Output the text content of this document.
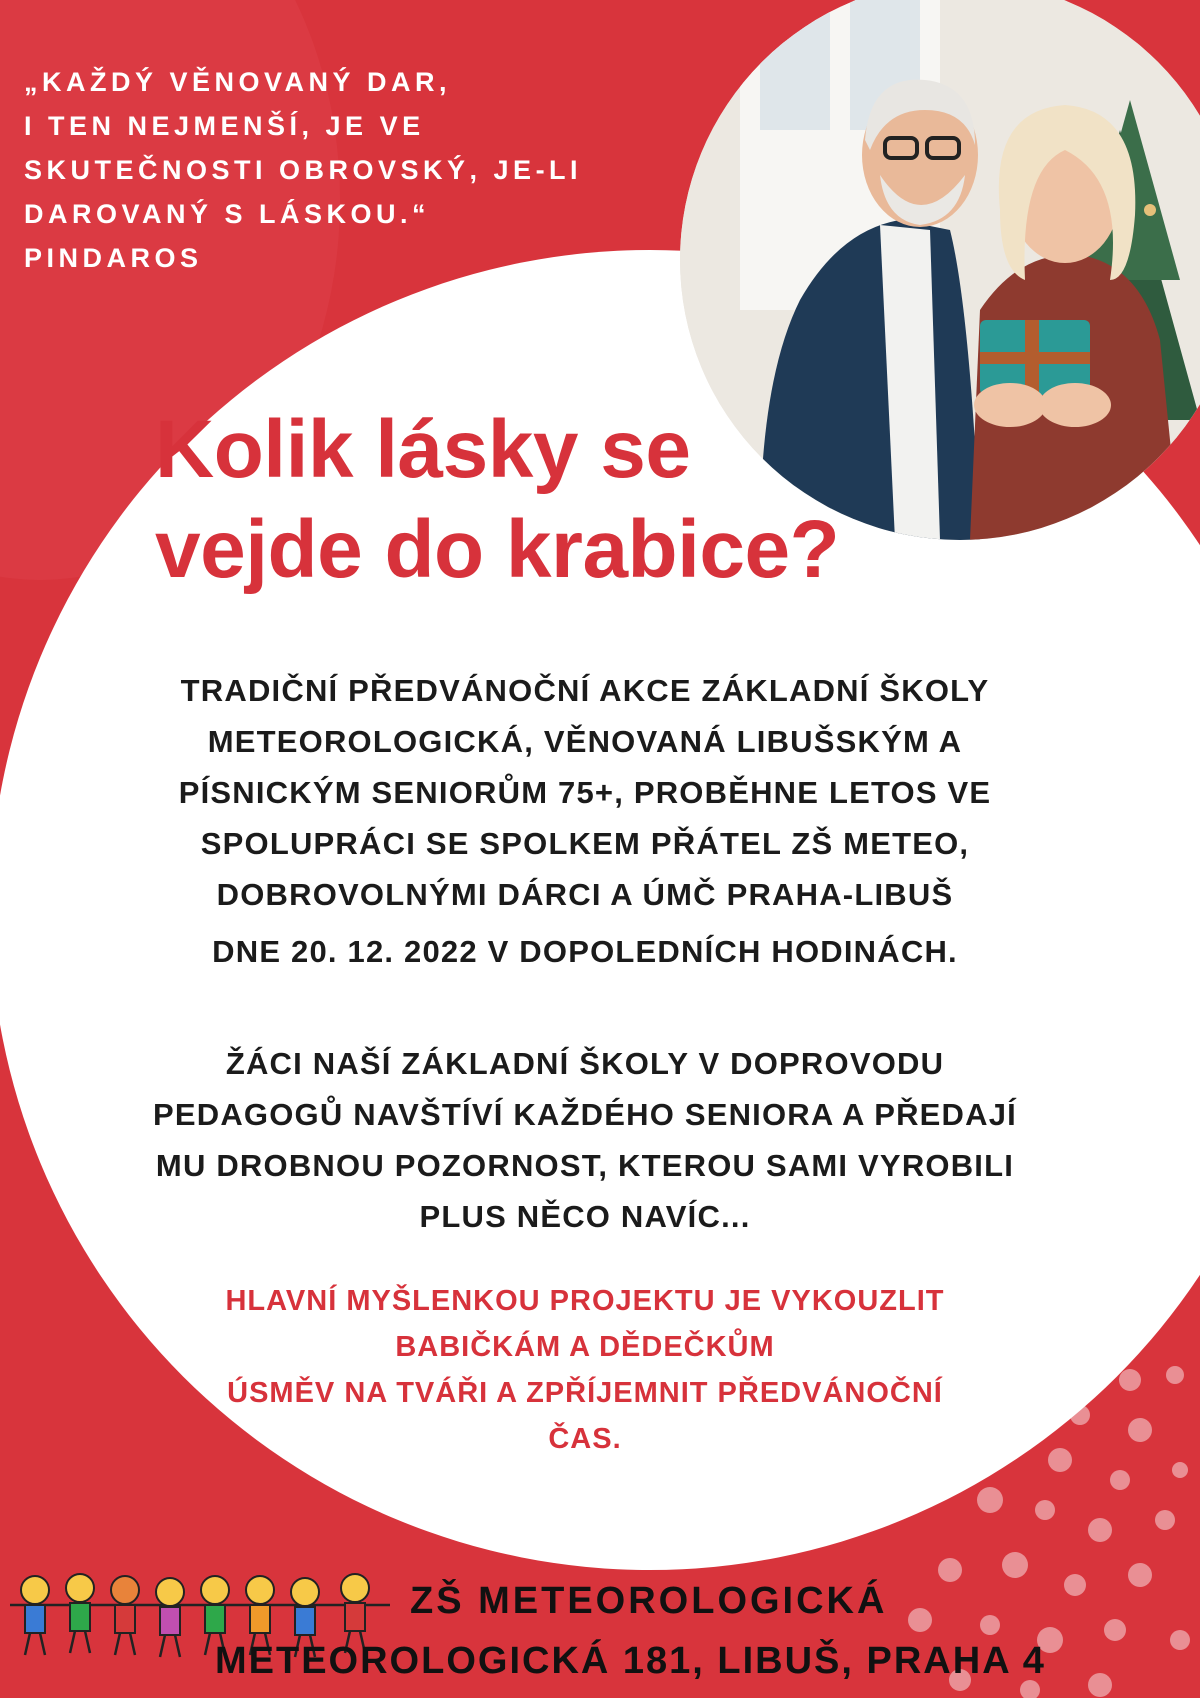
„KAŽDÝ VĚNOVANÝ DAR,
I TEN NEJMENŠÍ, JE VE
SKUTEČNOSTI OBROVSKÝ, JE-LI
DAROVANÝ S LÁSKOU.“
PINDAROS
Kolik lásky se
vejde do krabice?
TRADIČNÍ PŘEDVÁNOČNÍ AKCE ZÁKLADNÍ ŠKOLY
METEOROLOGICKÁ, VĚNOVANÁ LIBUŠSKÝM A
PÍSNICKÝM SENIORŮM 75+, PROBĚHNE LETOS VE
SPOLUPRÁCI SE SPOLKEM PŘÁTEL ZŠ METEO,
DOBROVOLNÝMI DÁRCI A ÚMČ PRAHA-LIBUŠ
DNE 20. 12. 2022 V DOPOLEDNÍCH HODINÁCH.
ŽÁCI NAŠÍ ZÁKLADNÍ ŠKOLY V DOPROVODU
PEDAGOGŮ NAVŠTÍVÍ KAŽDÉHO SENIORA A PŘEDAJÍ
MU DROBNOU POZORNOST, KTEROU SAMI VYROBILI
PLUS NĚCO NAVÍC...
HLAVNÍ MYŠLENKOU PROJEKTU JE VYKOUZLIT
BABIČKÁM A DĚDEČKŮM
ÚSMĚV NA TVÁŘI A ZPŘÍJEMNIT PŘEDVÁNOČNÍ
ČAS.
ZŠ METEOROLOGICKÁ
METEOROLOGICKÁ 181, LIBUŠ, PRAHA 4
